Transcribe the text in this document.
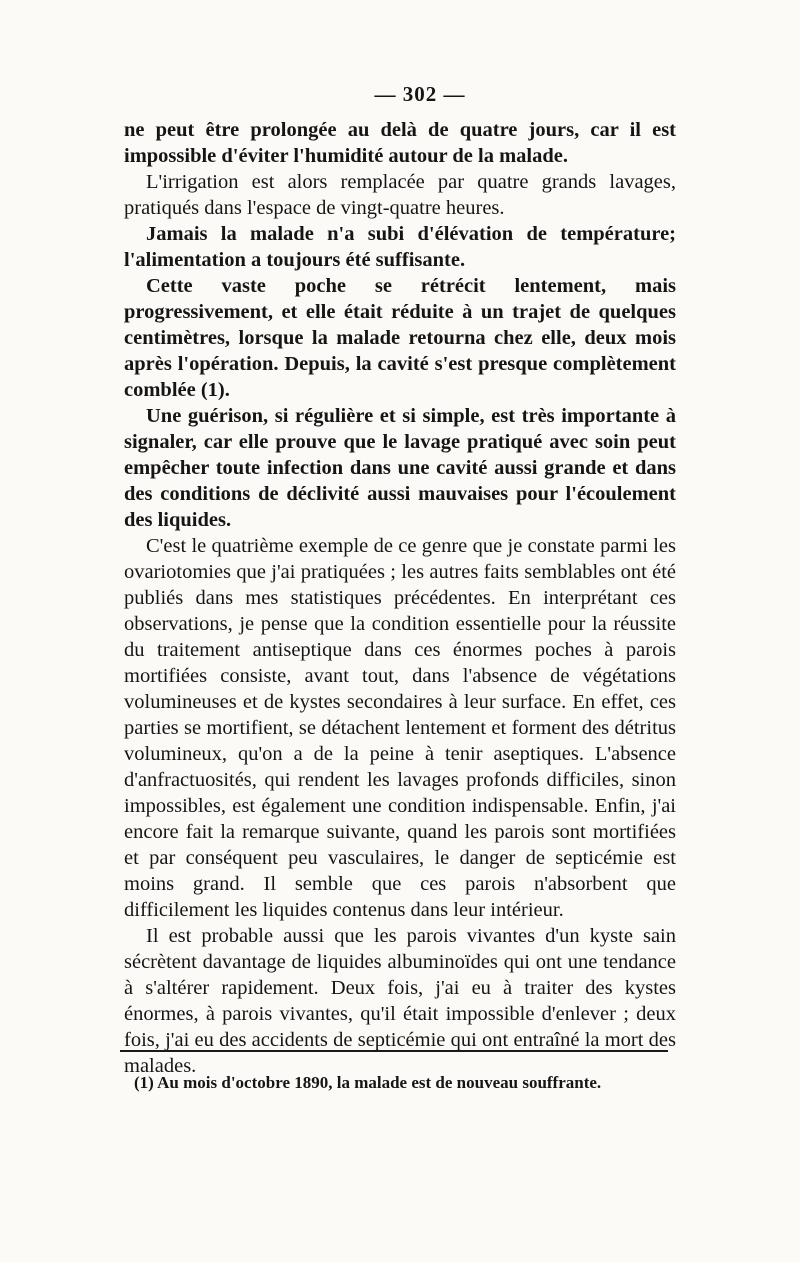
— 302 —

ne peut être prolongée au delà de quatre jours, car il est impossible d'éviter l'humidité autour de la malade.

L'irrigation est alors remplacée par quatre grands lavages, pratiqués dans l'espace de vingt-quatre heures.

Jamais la malade n'a subi d'élévation de température; l'alimentation a toujours été suffisante.

Cette vaste poche se rétrécit lentement, mais progressivement, et elle était réduite à un trajet de quelques centimètres, lorsque la malade retourna chez elle, deux mois après l'opération. Depuis, la cavité s'est presque complètement comblée (1).

Une guérison, si régulière et si simple, est très importante à signaler, car elle prouve que le lavage pratiqué avec soin peut empêcher toute infection dans une cavité aussi grande et dans des conditions de déclivité aussi mauvaises pour l'écoulement des liquides.

C'est le quatrième exemple de ce genre que je constate parmi les ovariotomies que j'ai pratiquées ; les autres faits semblables ont été publiés dans mes statistiques précédentes. En interprétant ces observations, je pense que la condition essentielle pour la réussite du traitement antiseptique dans ces énormes poches à parois mortifiées consiste, avant tout, dans l'absence de végétations volumineuses et de kystes secondaires à leur surface. En effet, ces parties se mortifient, se détachent lentement et forment des détritus volumineux, qu'on a de la peine à tenir aseptiques. L'absence d'anfractuosités, qui rendent les lavages profonds difficiles, sinon impossibles, est également une condition indispensable. Enfin, j'ai encore fait la remarque suivante, quand les parois sont mortifiées et par conséquent peu vasculaires, le danger de septicémie est moins grand. Il semble que ces parois n'absorbent que difficilement les liquides contenus dans leur intérieur.

Il est probable aussi que les parois vivantes d'un kyste sain sécrètent davantage de liquides albuminoïdes qui ont une tendance à s'altérer rapidement. Deux fois, j'ai eu à traiter des kystes énormes, à parois vivantes, qu'il était impossible d'enlever ; deux fois, j'ai eu des accidents de septicémie qui ont entraîné la mort des malades.

(1) Au mois d'octobre 1890, la malade est de nouveau souffrante.
